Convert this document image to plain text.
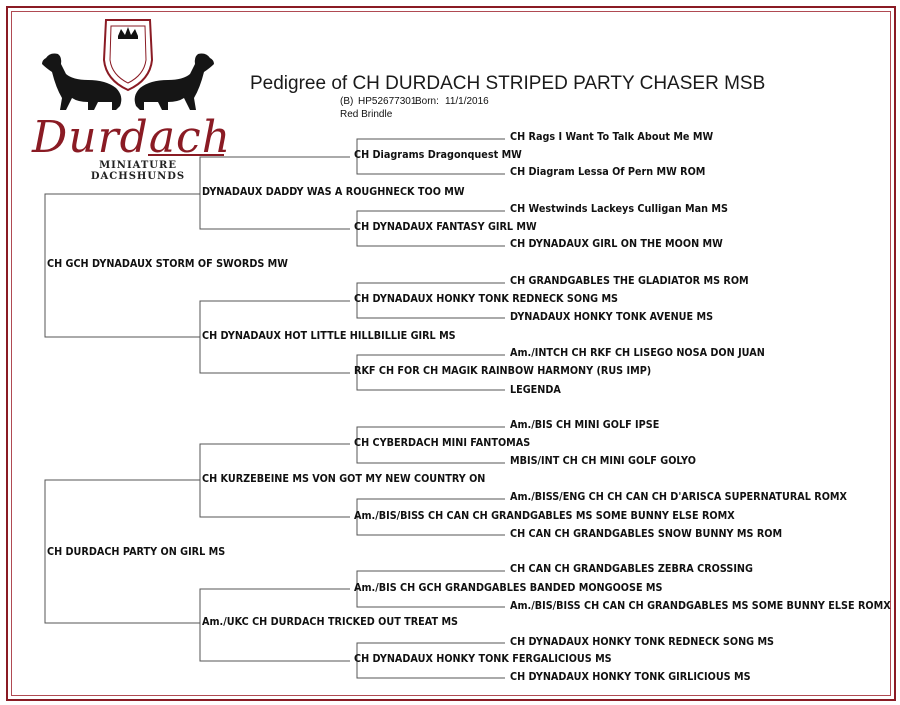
Durdach
MINIATURE DACHSHUNDS
Pedigree of CH DURDACH STRIPED PARTY CHASER MSB
(B) HP52677301
Born: 11/1/2016
Red Brindle
CH GCH DYNADAUX STORM OF SWORDS MW
CH DURDACH PARTY ON GIRL MS
DYNADAUX DADDY WAS A ROUGHNECK TOO MW
CH DYNADAUX HOT LITTLE HILLBILLIE GIRL MS
CH KURZEBEINE MS VON GOT MY NEW COUNTRY ON
Am./UKC CH DURDACH TRICKED OUT TREAT MS
CH Diagrams Dragonquest MW
CH DYNADAUX FANTASY GIRL MW
CH DYNADAUX HONKY TONK REDNECK SONG MS
RKF CH FOR CH MAGIK RAINBOW HARMONY (RUS IMP)
CH CYBERDACH MINI FANTOMAS
Am./BIS/BISS CH CAN CH GRANDGABLES MS SOME BUNNY ELSE ROMX
Am./BIS CH GCH GRANDGABLES BANDED MONGOOSE MS
CH DYNADAUX HONKY TONK FERGALICIOUS MS
CH Rags I Want To Talk About Me MW
CH Diagram Lessa Of Pern MW ROM
CH Westwinds Lackeys Culligan Man MS
CH DYNADAUX GIRL ON THE MOON MW
CH GRANDGABLES THE GLADIATOR MS ROM
DYNADAUX HONKY TONK AVENUE MS
Am./INTCH CH RKF CH LISEGO NOSA DON JUAN
LEGENDA
Am./BIS CH MINI GOLF IPSE
MBIS/INT CH CH MINI GOLF GOLYO
Am./BISS/ENG CH CH CAN CH D'ARISCA SUPERNATURAL ROMX
CH CAN CH GRANDGABLES SNOW BUNNY MS ROM
CH CAN CH GRANDGABLES ZEBRA CROSSING
Am./BIS/BISS CH CAN CH GRANDGABLES MS SOME BUNNY ELSE ROMX
CH DYNADAUX HONKY TONK REDNECK SONG MS
CH DYNADAUX HONKY TONK GIRLICIOUS MS
